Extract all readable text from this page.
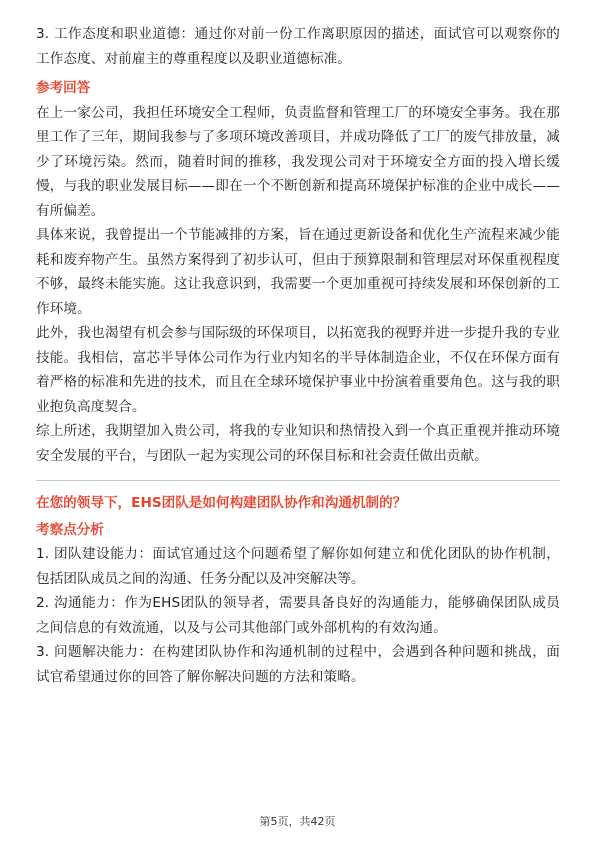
3. 工作态度和职业道德：通过你对前一份工作离职原因的描述，面试官可以观察你的工作态度、对前雇主的尊重程度以及职业道德标准。

参考回答

在上一家公司，我担任环境安全工程师，负责监督和管理工厂的环境安全事务。我在那里工作了三年，期间我参与了多项环境改善项目，并成功降低了工厂的废气排放量，减少了环境污染。然而，随着时间的推移，我发现公司对于环境安全方面的投入增长缓慢，与我的职业发展目标——即在一个不断创新和提高环境保护标准的企业中成长——有所偏差。

具体来说，我曾提出一个节能减排的方案，旨在通过更新设备和优化生产流程来减少能耗和废弃物产生。虽然方案得到了初步认可，但由于预算限制和管理层对环保重视程度不够，最终未能实施。这让我意识到，我需要一个更加重视可持续发展和环保创新的工作环境。

此外，我也渴望有机会参与国际级的环保项目，以拓宽我的视野并进一步提升我的专业技能。我相信，富芯半导体公司作为行业内知名的半导体制造企业，不仅在环保方面有着严格的标准和先进的技术，而且在全球环境保护事业中扮演着重要角色。这与我的职业抱负高度契合。

综上所述，我期望加入贵公司，将我的专业知识和热情投入到一个真正重视并推动环境安全发展的平台，与团队一起为实现公司的环保目标和社会责任做出贡献。

在您的领导下，EHS团队是如何构建团队协作和沟通机制的？

考察点分析

1. 团队建设能力：面试官通过这个问题希望了解你如何建立和优化团队的协作机制，包括团队成员之间的沟通、任务分配以及冲突解决等。

2. 沟通能力：作为EHS团队的领导者，需要具备良好的沟通能力，能够确保团队成员之间信息的有效流通，以及与公司其他部门或外部机构的有效沟通。

3. 问题解决能力：在构建团队协作和沟通机制的过程中，会遇到各种问题和挑战，面试官希望通过你的回答了解你解决问题的方法和策略。

第5页，共42页
